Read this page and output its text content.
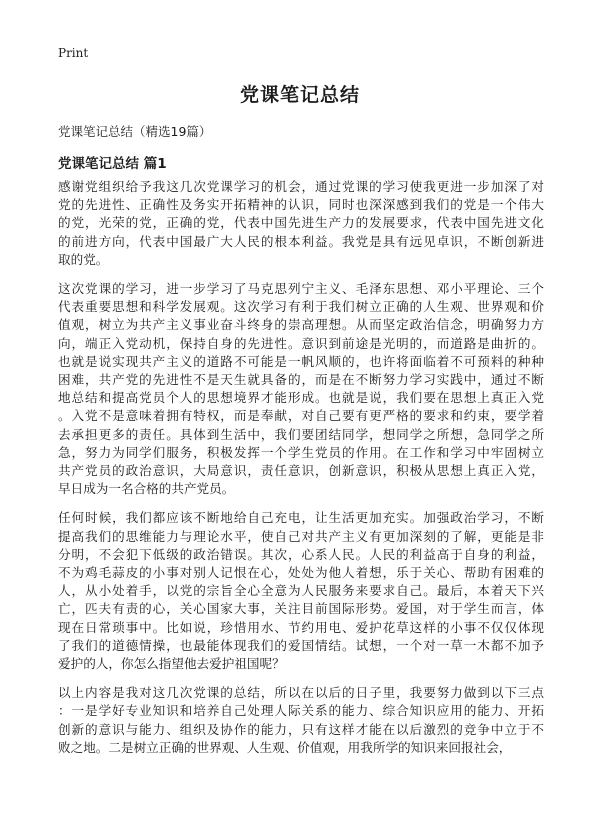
Print
党课笔记总结
党课笔记总结（精选19篇）
党课笔记总结 篇1
感谢党组织给予我这几次党课学习的机会，通过党课的学习使我更进一步加深了对
党的先进性、正确性及务实开拓精神的认识，同时也深深感到我们的党是一个伟大
的党，光荣的党，正确的党，代表中国先进生产力的发展要求，代表中国先进文化
的前进方向，代表中国最广大人民的根本利益。我党是具有远见卓识，不断创新进
取的党。
这次党课的学习，进一步学习了马克思列宁主义、毛泽东思想、邓小平理论、三个
代表重要思想和科学发展观。这次学习有利于我们树立正确的人生观、世界观和价
值观，树立为共产主义事业奋斗终身的崇高理想。从而坚定政治信念，明确努力方
向，端正入党动机，保持自身的先进性。意识到前途是光明的，而道路是曲折的。
也就是说实现共产主义的道路不可能是一帆风顺的，也许将面临着不可预料的种种
困难，共产党的先进性不是天生就具备的，而是在不断努力学习实践中，通过不断
地总结和提高党员个人的思想境界才能形成。也就是说，我们要在思想上真正入党
。入党不是意味着拥有特权，而是奉献，对自己要有更严格的要求和约束，要学着
去承担更多的责任。具体到生活中，我们要团结同学，想同学之所想，急同学之所
急，努力为同学们服务，积极发挥一个学生党员的作用。在工作和学习中牢固树立
共产党员的政治意识，大局意识，责任意识，创新意识，积极从思想上真正入党，
早日成为一名合格的共产党员。
任何时候，我们都应该不断地给自己充电，让生活更加充实。加强政治学习，不断
提高我们的思维能力与理论水平，使自己对共产主义有更加深刻的了解，更能是非
分明，不会犯下低级的政治错误。其次，心系人民。人民的利益高于自身的利益，
不为鸡毛蒜皮的小事对别人记恨在心，处处为他人着想，乐于关心、帮助有困难的
人，从小处着手，以党的宗旨全心全意为人民服务来要求自己。最后，本着天下兴
亡，匹夫有责的心，关心国家大事，关注目前国际形势。爱国，对于学生而言，体
现在日常琐事中。比如说，珍惜用水、节约用电、爱护花草这样的小事不仅仅体现
了我们的道德情操，也最能体现我们的爱国情结。试想，一个对一草一木都不加予
爱护的人，你怎么指望他去爱护祖国呢？
以上内容是我对这几次党课的总结，所以在以后的日子里，我要努力做到以下三点
：一是学好专业知识和培养自己处理人际关系的能力、综合知识应用的能力、开拓
创新的意识与能力、组织及协作的能力，只有这样才能在以后激烈的竞争中立于不
败之地。二是树立正确的世界观、人生观、价值观，用我所学的知识来回报社会，
